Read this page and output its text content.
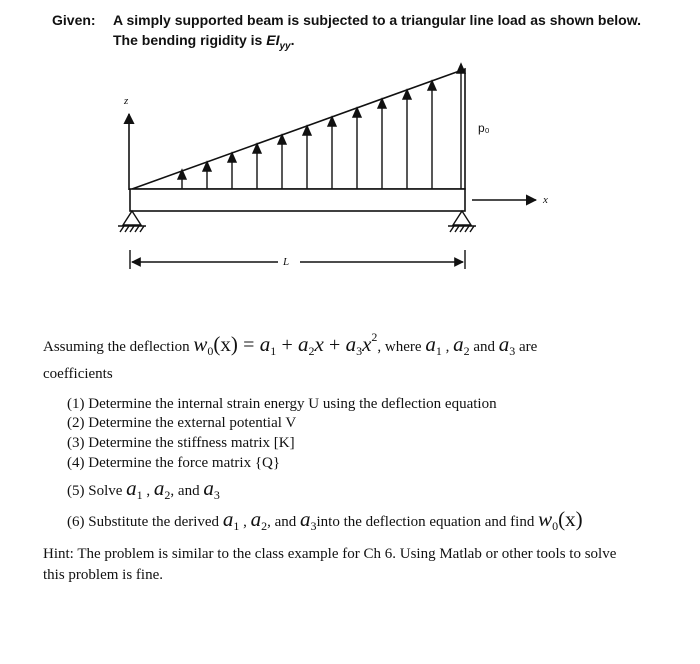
Given: A simply supported beam is subjected to a triangular line load as shown below.
The bending rigidity is $EI_{yy}$.
z
p₀
x
L
Assuming the deflection $w0(x) = a1 + a2x + a3x^2$, where a1 , a2 and a3 are
coefficients
(1) Determine the internal strain energy U using the deflection equation
(2) Determine the external potential V
(3) Determine the stiffness matrix [K]
(4) Determine the force matrix {Q}
(5) Solve a1 , a2, and a3
(6) Substitute the derived a1 , a2, and a3into the deflection equation and find w0(x)
Hint: The problem is similar to the class example for Ch 6. Using Matlab or other tools to solve
this problem is fine.
